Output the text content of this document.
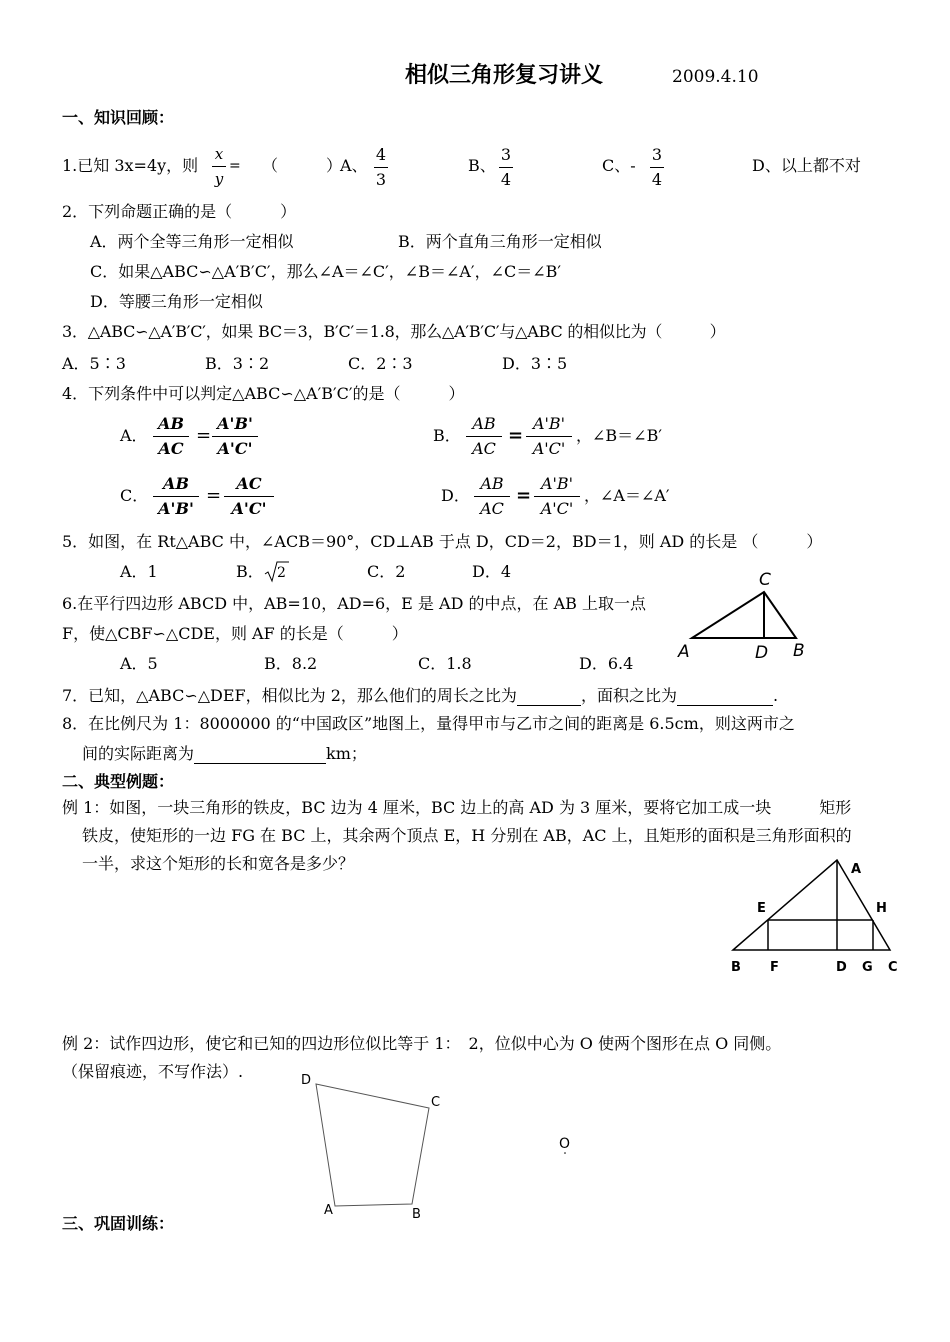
相似三角形复习讲义	2009.4.10
一、知识回顾：
1.已知 3x=4y，则
x
y
= （　　　）
A、
4
3
B、
3
4
C、-
3
4
D、以上都不对
2．下列命题正确的是（　　　）
A．两个全等三角形一定相似	B．两个直角三角形一定相似
C．如果△ABC∽△A′B′C′，那么∠A＝∠C′，∠B＝∠A′，∠C＝∠B′
D．等腰三角形一定相似
3．△ABC∽△A′B′C′，如果 BC＝3，B′C′＝1.8，那么△A′B′C′与△ABC 的相似比为（　　　）
A．5∶3	B．3∶2	C．2∶3	D．3∶5
4．下列条件中可以判定△ABC∽△A′B′C′的是（　　　）
A．
AB
AC
=
A'B'
A'C'
B．
AB
AC
=
A'B'
A'C'
，∠B＝∠B′
C．
AB
A'B'
=
AC
A'C'
D．
AB
AC
=
A'B'
A'C'
，∠A＝∠A′
5．如图，在 Rt△ABC 中，∠ACB＝90°，CD⊥AB 于点 D，CD＝2，BD＝1，则 AD 的长是 （　　　）
A．1	B． 2	C．2	D．4	C
A	D B
6.在平行四边形 ABCD 中，AB=10，AD=6，E 是 AD 的中点，在 AB 上取一点
F，使△CBF∽△CDE，则 AF 的长是（　　　）
A．5	B．8.2	C．1.8	D．6.4
7．已知，△ABC∽△DEF，相似比为 2，那么他们的周长之比为	，面积之比为	.
8．在比例尺为 1：8000000 的“中国政区”地图上，量得甲市与乙市之间的距离是 6.5cm，则这两市之
间的实际距离为	km；
二、典型例题：
例 1：如图，一块三角形的铁皮，BC 边为 4 厘米，BC 边上的高 AD 为 3 厘米，要将它加工成一块　　　矩形
铁皮，使矩形的一边 FG 在 BC 上，其余两个顶点 E，H 分别在 AB，AC 上，且矩形的面积是三角形面积的
一半，求这个矩形的长和宽各是多少？	A
E	H
B F	D G C
例 2：试作四边形，使它和已知的四边形位似比等于 1：　2，位似中心为 O 使两个图形在点 O 同侧。
（保留痕迹，不写作法）.	D
C
A	B
O
三、巩固训练：
